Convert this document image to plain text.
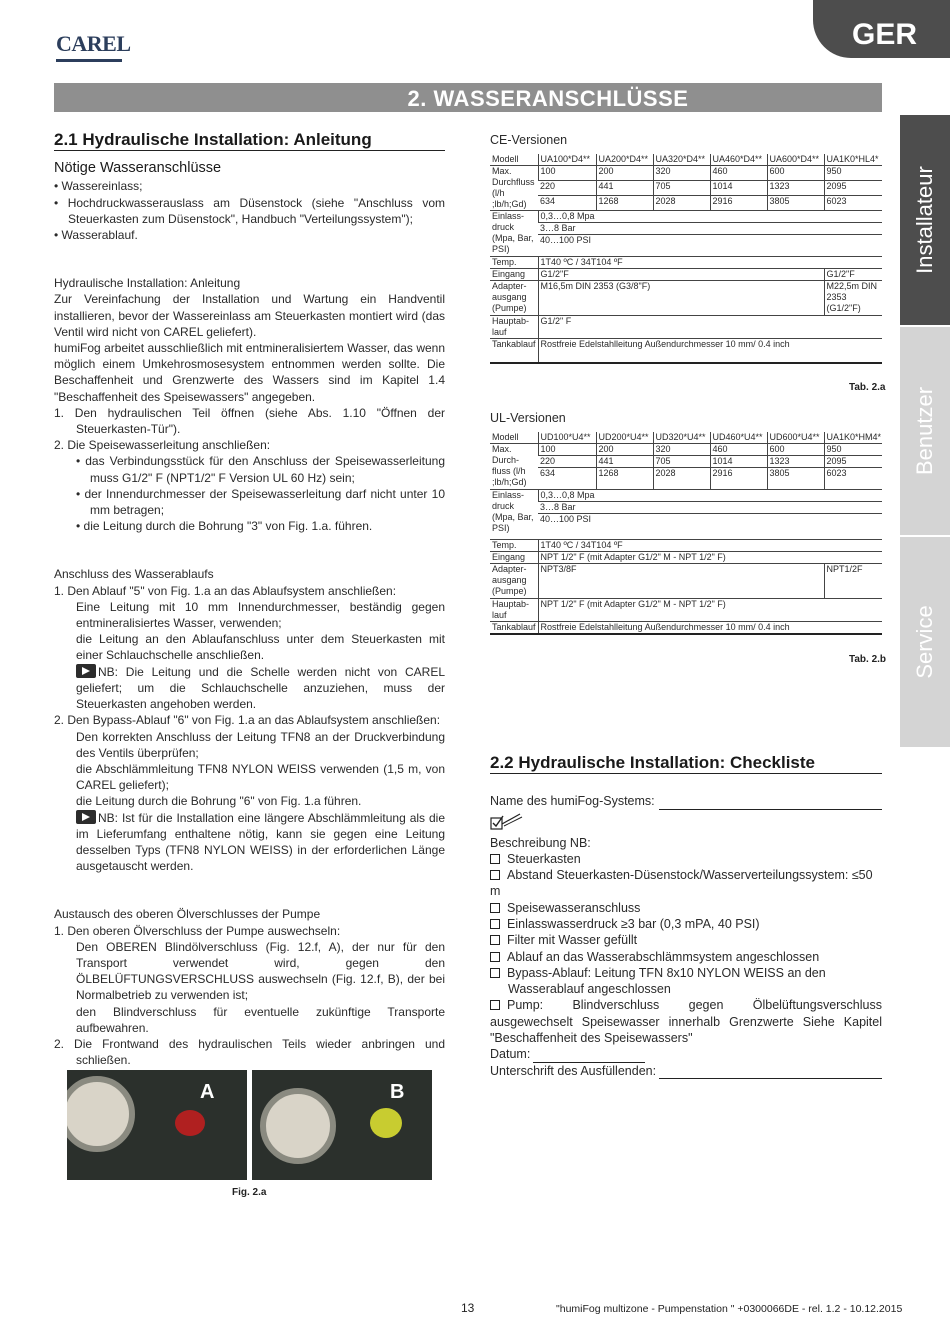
CAREL	GER
2. WASSERANSCHLÜSSE
Installateur
Benutzer
Service
2.1 Hydraulische Installation: Anleitung
Nötige Wasseranschlüsse
• Wassereinlass;
• Hochdruckwasserauslass am Düsenstock (siehe "Anschluss vom Steuerkasten zum Düsenstock", Handbuch "Verteilungssystem");
• Wasserablauf.
Hydraulische Installation: Anleitung
Zur Vereinfachung der Installation und Wartung ein Handventil installieren, bevor der Wassereinlass am Steuerkasten montiert wird (das Ventil wird nicht von CAREL geliefert).
humiFog arbeitet ausschließlich mit entmineralisiertem Wasser, das wenn möglich einem Umkehrosmosesystem entnommen werden sollte. Die Beschaffenheit und Grenzwerte des Wassers sind im Kapitel 1.4 "Beschaffenheit des Speisewassers" angegeben.
1. Den hydraulischen Teil öffnen (siehe Abs. 1.10 "Öffnen der Steuerkasten-Tür").
2. Die Speisewasserleitung anschließen:
• das Verbindungsstück für den Anschluss der Speisewasserleitung muss G1/2" F (NPT1/2" F Version UL 60 Hz) sein;
• der Innendurchmesser der Speisewasserleitung darf nicht unter 10 mm betragen;
• die Leitung durch die Bohrung "3" von Fig. 1.a. führen.
Anschluss des Wasserablaufs
1. Den Ablauf "5" von Fig. 1.a an das Ablaufsystem anschließen:
Eine Leitung mit 10 mm Innendurchmesser, beständig gegen entmineralisiertes Wasser, verwenden;
die Leitung an den Ablaufanschluss unter dem Steuerkasten mit einer Schlauchschelle anschließen.
NB: Die Leitung und die Schelle werden nicht von CAREL geliefert; um die Schlauchschelle anzuziehen, muss der Steuerkasten angehoben werden.
2. Den Bypass-Ablauf "6" von Fig. 1.a an das Ablaufsystem anschließen:
Den korrekten Anschluss der Leitung TFN8 an der Druckverbindung des Ventils überprüfen;
die Abschlämmleitung TFN8 NYLON WEISS verwenden (1,5 m, von CAREL geliefert);
die Leitung durch die Bohrung "6" von Fig. 1.a führen.
NB: Ist für die Installation eine längere Abschlämmleitung als die im Lieferumfang enthaltene nötig, kann sie gegen eine Leitung desselben Typs (TFN8 NYLON WEISS) in der erforderlichen Länge ausgetauscht werden.
Austausch des oberen Ölverschlusses der Pumpe
1. Den oberen Ölverschluss der Pumpe auswechseln:
Den OBEREN Blindölverschluss (Fig. 12.f, A), der nur für den Transport verwendet wird, gegen den ÖLBELÜFTUNGSVERSCHLUSS auswechseln (Fig. 12.f, B), der bei Normalbetrieb zu verwenden ist;
den Blindverschluss für eventuelle zukünftige Transporte aufbewahren.
2. Die Frontwand des hydraulischen Teils wieder anbringen und schließen.
A	B
Fig. 2.a
CE-Versionen
Modell	UA100*D4**	UA200*D4**	UA320*D4**	UA460*D4**	UA600*D4**	UA1K0*HL4*
Max. Durchfluss (l/h ;lb/h;Gd)	100	200	320	460	600	950
	220	441	705	1014	1323	2095
	634	1268	2028	2916	3805	6023
Einlass-druck (Mpa, Bar, PSI)	0,3…0,8 Mpa					
	3…8 Bar					
	40…100 PSI					
Temp.	1T40 ºC / 34T104 ºF					
Eingang	G1/2"F					G1/2"F
Adapter-ausgang (Pumpe)	M16,5m DIN 2353 (G3/8"F)					M22,5m DIN 2353 (G1/2"F)
Hauptab-lauf	G1/2" F					
Tankablauf	Rostfreie Edelstahlleitung Außendurchmesser 10 mm/ 0.4 inch					
Tab. 2.a
UL-Versionen
Modell	UD100*U4**	UD200*U4**	UD320*U4**	UD460*U4**	UD600*U4**	UA1K0*HM4*
Max. Durch-fluss (l/h ;lb/h;Gd)	100	200	320	460	600	950
	220	441	705	1014	1323	2095
	634	1268	2028	2916	3805	6023
Einlass-druck (Mpa, Bar, PSI)	0,3…0,8 Mpa					
	3…8 Bar					
	40…100 PSI					
Temp.	1T40 ºC / 34T104 ºF					
Eingang	NPT 1/2" F (mit Adapter G1/2" M - NPT 1/2" F)					
Adapter-ausgang (Pumpe)	NPT3/8F					NPT1/2F
Hauptab-lauf	NPT 1/2" F (mit Adapter G1/2" M - NPT 1/2" F)					
Tankablauf	Rostfreie Edelstahlleitung Außendurchmesser 10 mm/ 0.4 inch					
Tab. 2.b
2.2 Hydraulische Installation: Checkliste
Name des humiFog-Systems:
Beschreibung NB:
Steuerkasten
Abstand Steuerkasten-Düsenstock/Wasserverteilungssystem: ≤50 m
Speisewasseranschluss
Einlasswasserdruck ≥3 bar (0,3 mPA, 40 PSI)
Filter mit Wasser gefüllt
Ablauf an das Wasserabschlämmsystem angeschlossen
Bypass-Ablauf: Leitung TFN 8x10 NYLON WEISS an den Wasserablauf angeschlossen
Pump: Blindverschluss gegen Ölbelüftungsverschluss ausgewechselt Speisewasser innerhalb Grenzwerte Siehe Kapitel "Beschaffenheit des Speisewassers"
Datum:
Unterschrift des Ausfüllenden:
13	"humiFog multizone - Pumpenstation " +0300066DE - rel. 1.2 - 10.12.2015
